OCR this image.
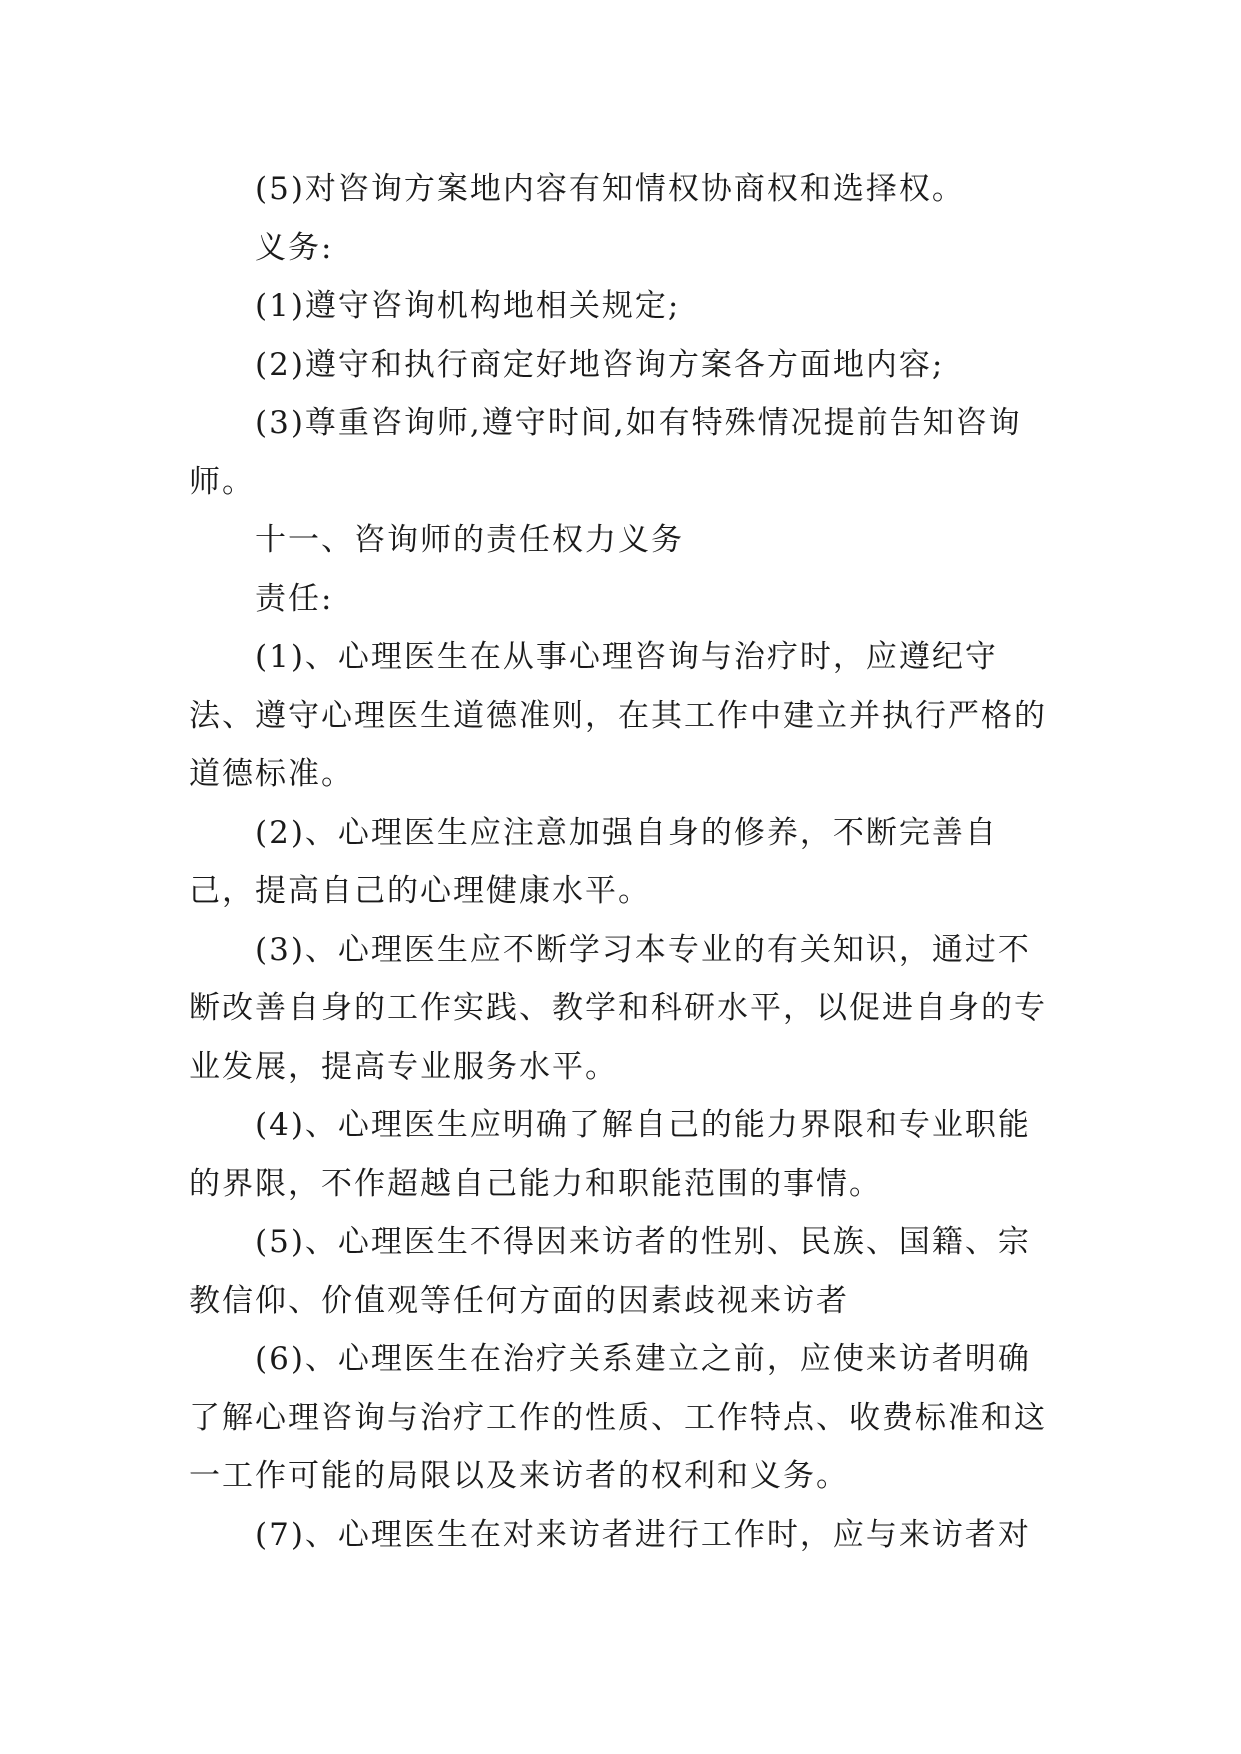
(5)对咨询方案地内容有知情权协商权和选择权。

义务:

(1)遵守咨询机构地相关规定;

(2)遵守和执行商定好地咨询方案各方面地内容;

(3)尊重咨询师,遵守时间,如有特殊情况提前告知咨询师。

十一、咨询师的责任权力义务

责任:

(1)、心理医生在从事心理咨询与治疗时，应遵纪守法、遵守心理医生道德准则，在其工作中建立并执行严格的道德标准。

(2)、心理医生应注意加强自身的修养，不断完善自己，提高自己的心理健康水平。

(3)、心理医生应不断学习本专业的有关知识，通过不断改善自身的工作实践、教学和科研水平，以促进自身的专业发展，提高专业服务水平。

(4)、心理医生应明确了解自己的能力界限和专业职能的界限，不作超越自己能力和职能范围的事情。

(5)、心理医生不得因来访者的性别、民族、国籍、宗教信仰、价值观等任何方面的因素歧视来访者

(6)、心理医生在治疗关系建立之前，应使来访者明确了解心理咨询与治疗工作的性质、工作特点、收费标准和这一工作可能的局限以及来访者的权利和义务。

(7)、心理医生在对来访者进行工作时，应与来访者对
